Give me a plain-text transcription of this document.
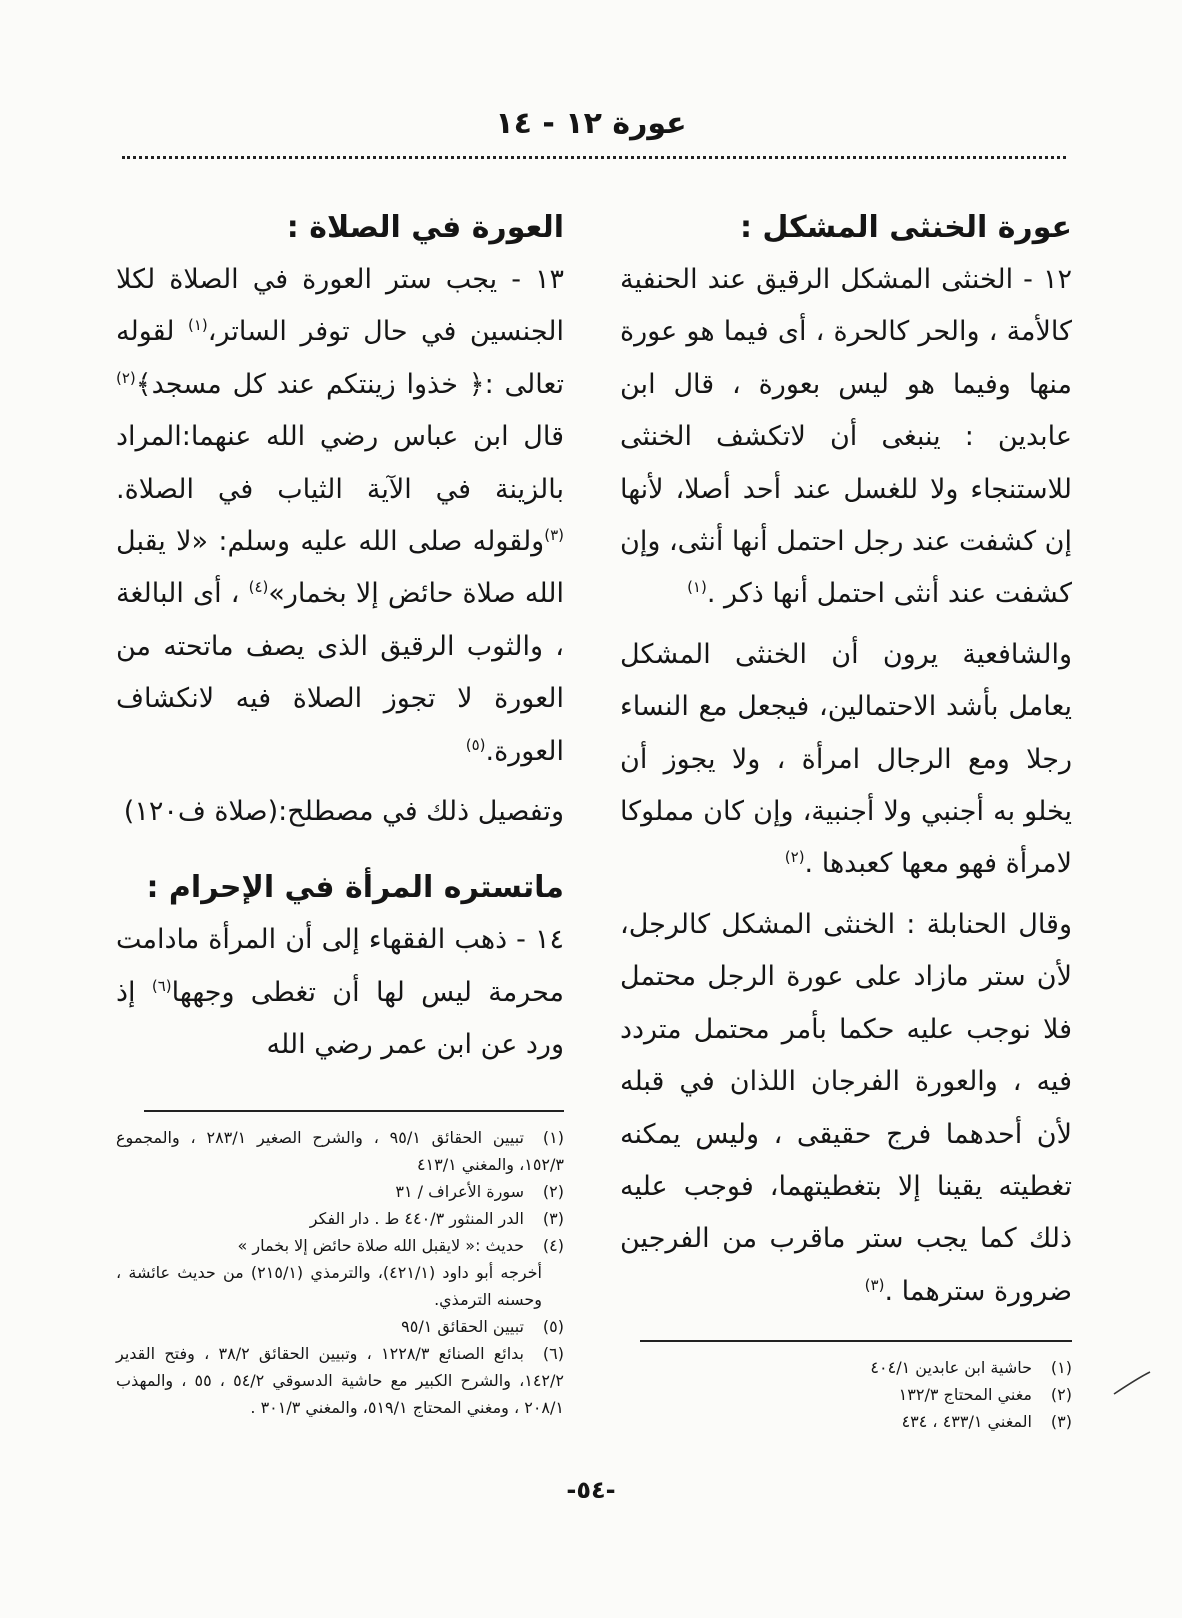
عورة ١٢ - ١٤
عورة الخنثى المشكل :

١٢ - الخنثى المشكل الرقيق عند الحنفية كالأمة ، والحر كالحرة ، أى فيما هو عورة منها وفيما هو ليس بعورة ، قال ابن عابدين : ينبغى أن لاتكشف الخنثى للاستنجاء ولا للغسل عند أحد أصلا، لأنها إن كشفت عند رجل احتمل أنها أنثى، وإن كشفت عند أنثى احتمل أنها ذكر .$^{(١)}$

والشافعية يرون أن الخنثى المشكل يعامل بأشد الاحتمالين، فيجعل مع النساء رجلا ومع الرجال امرأة ، ولا يجوز أن يخلو به أجنبي ولا أجنبية، وإن كان مملوكا لامرأة فهو معها كعبدها .$^{(٢)}$

وقال الحنابلة : الخنثى المشكل كالرجل، لأن ستر مازاد على عورة الرجل محتمل فلا نوجب عليه حكما بأمر محتمل متردد فيه ، والعورة الفرجان اللذان في قبله لأن أحدهما فرج حقيقى ، وليس يمكنه تغطيته يقينا إلا بتغطيتهما، فوجب عليه ذلك كما يجب ستر ماقرب من الفرجين ضرورة سترهما .$^{(٣)}$

(١)حاشية ابن عابدين ٤٠٤/١

(٢)مغني المحتاج ١٣٢/٣

(٣)المغني ٤٣٣/١ ، ٤٣٤

العورة في الصلاة :

١٣ - يجب ستر العورة في الصلاة لكلا الجنسين في حال توفر الساتر،$^{(١)}$ لقوله تعالى :﴿ خذوا زينتكم عند كل مسجد﴾$^{(٢)}$ قال ابن عباس رضي الله عنهما:المراد بالزينة في الآية الثياب في الصلاة.$^{(٣)}$ولقوله صلى الله عليه وسلم: «لا يقبل الله صلاة حائض إلا بخمار»$^{(٤)}$ ، أى البالغة ، والثوب الرقيق الذى يصف ماتحته من العورة لا تجوز الصلاة فيه لانكشاف العورة.$^{(٥)}$

وتفصيل ذلك في مصطلح:(صلاة ف١٢٠)

ماتستره المرأة في الإحرام :

١٤ - ذهب الفقهاء إلى أن المرأة مادامت محرمة ليس لها أن تغطى وجهها$^{(٦)}$ إذ ورد عن ابن عمر رضي الله

(١)تبيين الحقائق ٩٥/١ ، والشرح الصغير ٢٨٣/١ ، والمجموع ١٥٢/٣، والمغني ٤١٣/١

(٢)سورة الأعراف / ٣١

(٣)الدر المنثور ٤٤٠/٣ ط . دار الفكر

(٤)حديث :« لايقبل الله صلاة حائض إلا بخمار »

أخرجه أبو داود (٤٢١/١)، والترمذي (٢١٥/١) من حديث عائشة ، وحسنه الترمذي.

(٥)تبيين الحقائق ٩٥/١

(٦)بدائع الصنائع ١٢٢٨/٣ ، وتبيين الحقائق ٣٨/٢ ، وفتح القدير ١٤٢/٢، والشرح الكبير مع حاشية الدسوقي ٥٤/٢ ، ٥٥ ، والمهذب ٢٠٨/١ ، ومغني المحتاج ٥١٩/١، والمغني ٣٠١/٣ .

-٥٤-
